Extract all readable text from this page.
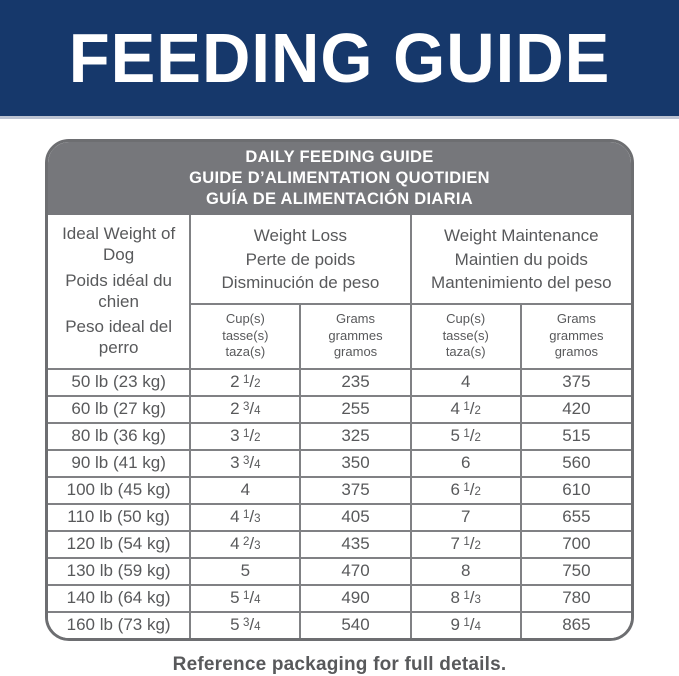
FEEDING GUIDE
DAILY FEEDING GUIDE
GUIDE D’ALIMENTATION QUOTIDIEN
GUÍA DE ALIMENTACIÓN DIARIA
Ideal Weight of Dog
Poids idéal du chien
Peso ideal del perro

Weight Loss
Perte de poids
Disminución de peso

Weight Maintenance
Maintien du poids
Mantenimiento del peso

Cup(s)
tasse(s)
taza(s)

Grams
grammes
gramos

Cup(s)
tasse(s)
taza(s)

Grams
grammes
gramos

50 lb (23 kg)	2  $^1$/2	235	4	375
60 lb (27 kg)	2  $^3$/4	255	4  $^1$/2	420
80 lb (36 kg)	3  $^1$/2	325	5  $^1$/2	515
90 lb (41 kg)	3  $^3$/4	350	6	560
100 lb (45 kg)	4	375	6  $^1$/2	610
110 lb (50 kg)	4  $^1$/3	405	7	655
120 lb (54 kg)	4  $^2$/3	435	7  $^1$/2	700
130 lb (59 kg)	5	470	8	750
140 lb (64 kg)	5  $^1$/4	490	8  $^1$/3	780
160 lb (73 kg)	5  $^3$/4	540	9  $^1$/4	865
Reference packaging for full details.
